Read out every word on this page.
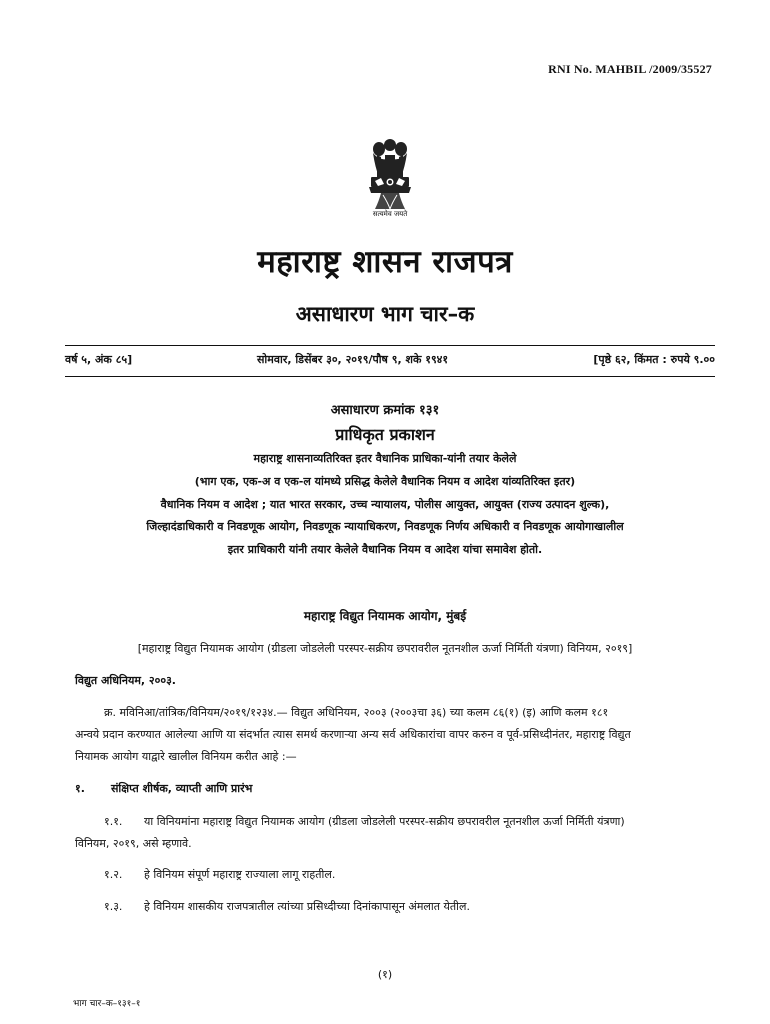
RNI No. MAHBIL /2009/35527
सत्यमेव जयते
महाराष्ट्र शासन राजपत्र
असाधारण भाग चार–क
वर्ष ५, अंक ८५]	सोमवार, डिसेंबर ३०, २०१९/पौष ९, शके १९४१	[पृष्ठे ६२, किंमत : रुपये ९.००
असाधारण क्रमांक १३१
प्राधिकृत प्रकाशन
महाराष्ट्र शासनाव्यतिरिक्त इतर वैधानिक प्राधिका-यांनी तयार केलेले
(भाग एक, एक-अ व एक-ल यांमध्ये प्रसिद्ध केलेले वैधानिक नियम व आदेश यांव्यतिरिक्त इतर)
वैधानिक नियम व आदेश ; यात भारत सरकार, उच्च न्यायालय, पोलीस आयुक्त, आयुक्त (राज्य उत्पादन शुल्क),
जिल्हादंडाधिकारी व निवडणूक आयोग, निवडणूक न्यायाधिकरण, निवडणूक निर्णय अधिकारी व निवडणूक आयोगाखालील
इतर प्राधिकारी यांनी तयार केलेले वैधानिक नियम व आदेश यांचा समावेश होतो.
महाराष्ट्र विद्युत नियामक आयोग, मुंबई
[महाराष्ट्र विद्युत नियामक आयोग (ग्रीडला जोडलेली परस्पर-सक्रीय छपरावरील नूतनशील ऊर्जा निर्मिती यंत्रणा) विनियम, २०१९]
विद्युत अधिनियम, २००३.
क्र. मविनिआ/तांत्रिक/विनियम/२०१९/१२३४.— विद्युत अधिनियम, २००३ (२००३चा ३६) च्या कलम ८६(१) (इ) आणि कलम १८१
अन्वये प्रदान करण्यात आलेल्या आणि या संदर्भात त्यास समर्थ करणाऱ्या अन्य सर्व अधिकारांचा वापर करुन व पूर्व-प्रसिध्दीनंतर, महाराष्ट्र विद्युत
नियामक आयोग याद्वारे खालील विनियम करीत आहे :—
१. संक्षिप्त शीर्षक, व्याप्ती आणि प्रारंभ
१.१. या विनियमांना महाराष्ट्र विद्युत नियामक आयोग (ग्रीडला जोडलेली परस्पर-सक्रीय छपरावरील नूतनशील ऊर्जा निर्मिती यंत्रणा)
विनियम, २०१९, असे म्हणावे.
१.२. हे विनियम संपूर्ण महाराष्ट्र राज्याला लागू राहतील.
१.३. हे विनियम शासकीय राजपत्रातील त्यांच्या प्रसिध्दीच्या दिनांकापासून अंमलात येतील.
(१)
भाग चार–क–१३१–१
